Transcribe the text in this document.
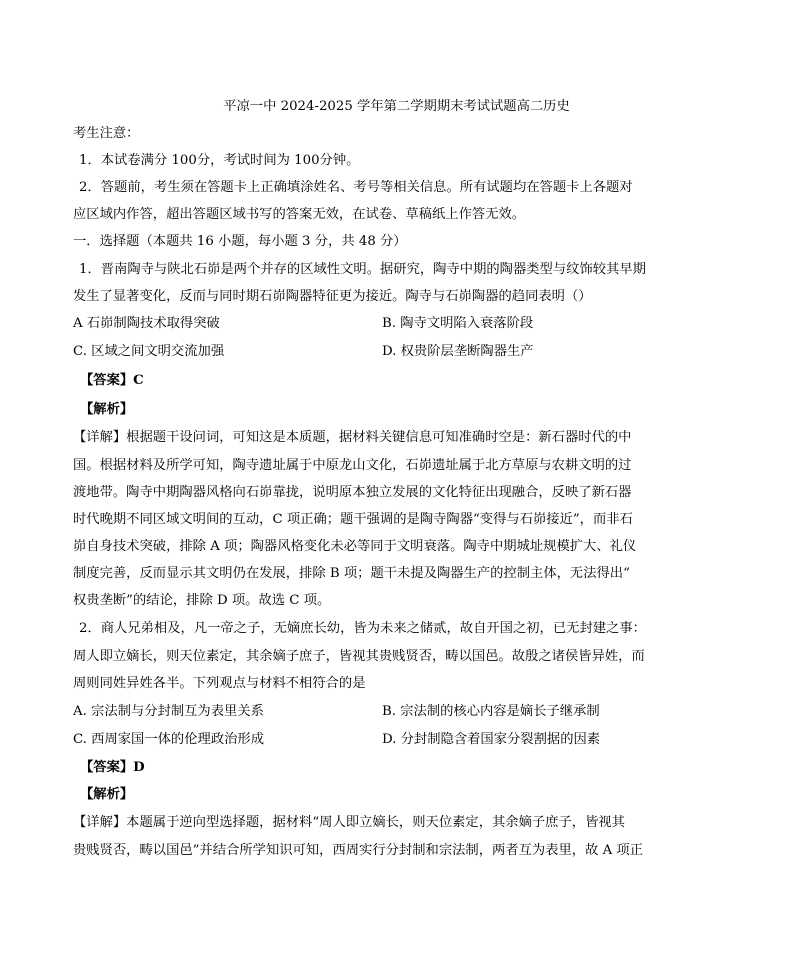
平凉一中 2024-2025 学年第二学期期末考试试题高二历史
考生注意：
1．本试卷满分 100分，考试时间为 100分钟。
2．答题前，考生须在答题卡上正确填涂姓名、考号等相关信息。所有试题均在答题卡上各题对
应区域内作答，超出答题区域书写的答案无效，在试卷、草稿纸上作答无效。
一．选择题（本题共 16 小题，每小题 3 分，共 48 分）
1．晋南陶寺与陕北石峁是两个并存的区域性文明。据研究，陶寺中期的陶器类型与纹饰较其早期
发生了显著变化，反而与同时期石峁陶器特征更为接近。陶寺与石峁陶器的趋同表明（）
A 石峁制陶技术取得突破	B. 陶寺文明陷入衰落阶段
C. 区域之间文明交流加强	D. 权贵阶层垄断陶器生产
【答案】C
【解析】
【详解】根据题干设问词，可知这是本质题，据材料关键信息可知准确时空是：新石器时代的中
国。根据材料及所学可知，陶寺遗址属于中原龙山文化，石峁遗址属于北方草原与农耕文明的过
渡地带。陶寺中期陶器风格向石峁靠拢，说明原本独立发展的文化特征出现融合，反映了新石器
时代晚期不同区域文明间的互动，C 项正确；题干强调的是陶寺陶器“变得与石峁接近”，而非石
峁自身技术突破，排除 A 项；陶器风格变化未必等同于文明衰落。陶寺中期城址规模扩大、礼仪
制度完善，反而显示其文明仍在发展，排除 B 项；题干未提及陶器生产的控制主体，无法得出“
权贵垄断”的结论，排除 D 项。故选 C 项。
2．商人兄弟相及，凡一帝之子，无嫡庶长幼，皆为未来之储贰，故自开国之初，已无封建之事：
周人即立嫡长，则天位素定，其余嫡子庶子，皆视其贵贱贤否，畴以国邑。故殷之诸侯皆异姓，而
周则同姓异姓各半。下列观点与材料不相符合的是
A. 宗法制与分封制互为表里关系	B. 宗法制的核心内容是嫡长子继承制
C. 西周家国一体的伦理政治形成	D. 分封制隐含着国家分裂割据的因素
【答案】D
【解析】
【详解】本题属于逆向型选择题，据材料“周人即立嫡长，则天位素定，其余嫡子庶子，皆视其
贵贱贤否，畴以国邑”并结合所学知识可知，西周实行分封制和宗法制，两者互为表里，故 A 项正
